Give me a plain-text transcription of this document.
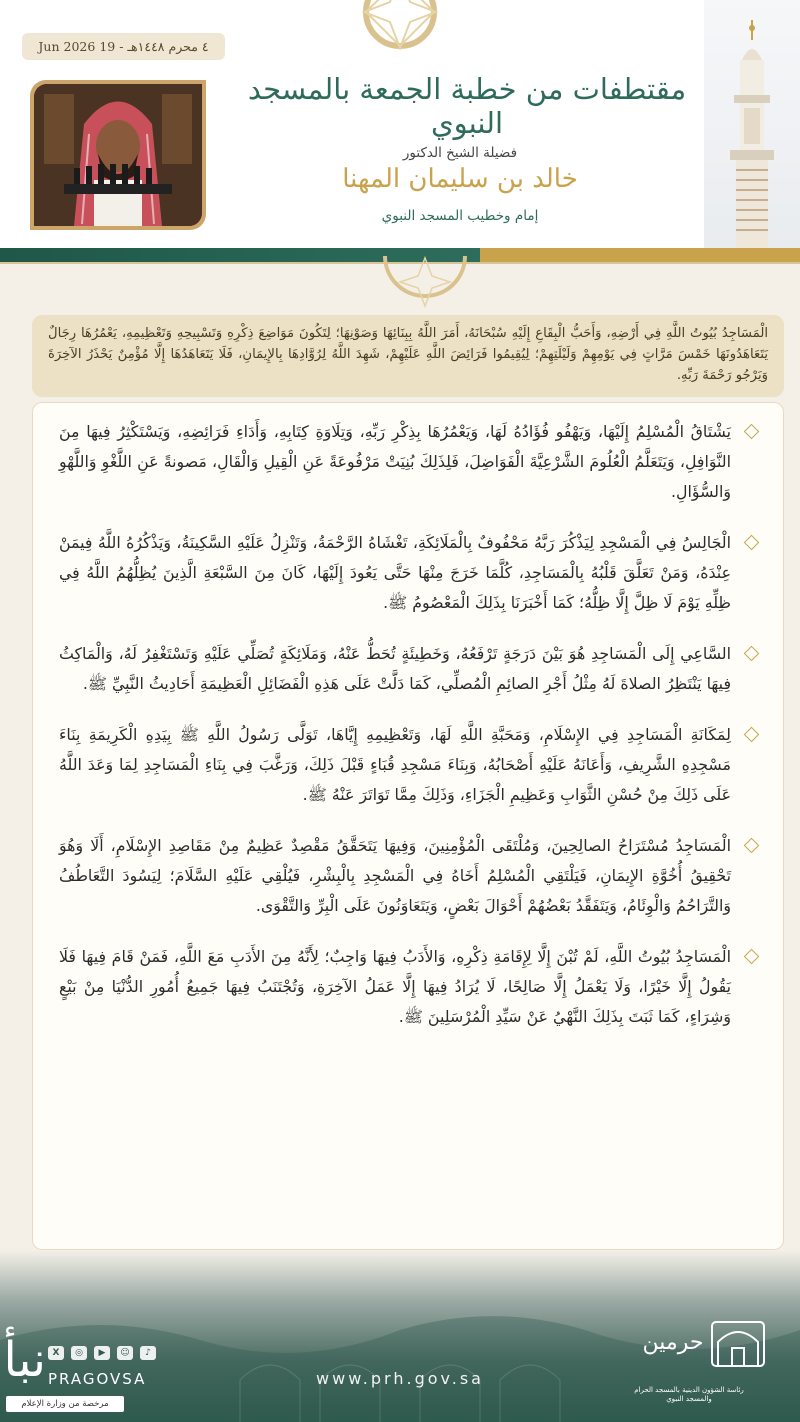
٤ محرم ١٤٤٨هـ - 19 Jun 2026
مقتطفات من خطبة الجمعة بالمسجد النبوي
فضيلة الشيخ الدكتور
خالد بن سليمان المهنا
إمام وخطيب المسجد النبوي
الْمَسَاجِدُ بُيُوتُ اللَّهِ فِي أَرْضِهِ، وَأَحَبُّ الْبِقَاعِ إِلَيْهِ سُبْحَانَهُ، أَمَرَ اللَّهُ بِبِنَائِهَا وَصَوْنِهَا؛ لِتَكُونَ مَوَاضِعَ ذِكْرِهِ وَتَسْبِيحِهِ وَتَعْظِيمِهِ، يَعْمُرُهَا رِجَالٌ يَتَعَاهَدُونَهَا خَمْسَ مَرَّاتٍ فِي يَوْمِهِمْ وَلَيْلَتِهِمْ؛ لِيُقِيمُوا فَرَائِضَ اللَّهِ عَلَيْهِمْ، شَهِدَ اللَّهُ لِرُوَّادِهَا بِالإِيمَانِ، فَلَا يَتَعَاهَدُهَا إِلَّا مُؤْمِنٌ يَحْذَرُ الآخِرَةَ وَيَرْجُو رَحْمَةَ رَبِّهِ.
يَشْتَاقُ الْمُسْلِمُ إِلَيْهَا، وَيَهْفُو فُؤَادُهُ لَهَا، وَيَعْمُرُهَا بِذِكْرِ رَبِّهِ، وَتِلَاوَةِ كِتَابِهِ، وَأَدَاءِ فَرَائِضِهِ، وَيَسْتَكْثِرُ فِيهَا مِنَ النَّوَافِلِ، وَيَتَعَلَّمُ الْعُلُومَ الشَّرْعِيَّةَ الْفَوَاضِلَ، فَلِذَلِكَ بُنِيَتْ مَرْفُوعَةً عَنِ الْقِيلِ وَالْقَالِ، مَصونةً عَنِ اللَّغْوِ وَاللَّهْوِ وَالسُّؤَالِ.
الْجَالِسُ فِي الْمَسْجِدِ لِيَذْكُرَ رَبَّهُ مَحْفُوفٌ بِالْمَلَائِكَةِ، تَغْشَاهُ الرَّحْمَةُ، وَتَنْزِلُ عَلَيْهِ السَّكِينَةُ، وَيَذْكُرُهُ اللَّهُ فِيمَنْ عِنْدَهُ، وَمَنْ تَعَلَّقَ قَلْبُهُ بِالْمَسَاجِدِ، كُلَّمَا خَرَجَ مِنْهَا حَتَّى يَعُودَ إِلَيْهَا، كَانَ مِنَ السَّبْعَةِ الَّذِينَ يُظِلُّهُمُ اللَّهُ فِي ظِلِّهِ يَوْمَ لَا ظِلَّ إِلَّا ظِلُّهُ؛ كَمَا أَخْبَرَنَا بِذَلِكَ الْمَعْصُومُ ﷺ.
السَّاعِي إِلَى الْمَسَاجِدِ هُوَ بَيْنَ دَرَجَةٍ تَرْفَعُهُ، وَخَطِيئَةٍ تُحَطُّ عَنْهُ، وَمَلَائِكَةٍ تُصَلِّي عَلَيْهِ وَتَسْتَغْفِرُ لَهُ، وَالْمَاكِثُ فِيهَا يَنْتَظِرُ الصلاةَ لَهُ مِثْلُ أَجْرِ الصائِمِ الْمُصلِّي، كَمَا دَلَّتْ عَلَى هَذِهِ الْفَضَائِلِ الْعَظِيمَةِ أَحَادِيثُ النَّبِيِّ ﷺ.
لِمَكَانَةِ الْمَسَاجِدِ فِي الإِسْلَامِ، وَمَحَبَّةِ اللَّهِ لَهَا، وَتَعْظِيمِهِ إِيَّاهَا، تَوَلَّى رَسُولُ اللَّهِ ﷺ بِيَدِهِ الْكَرِيمَةِ بِنَاءَ مَسْجِدِهِ الشَّرِيفِ، وَأَعَانَهُ عَلَيْهِ أَصْحَابُهُ، وَبِنَاءَ مَسْجِدِ قُبَاءٍ قَبْلَ ذَلِكَ، وَرَغَّبَ فِي بِنَاءِ الْمَسَاجِدِ لِمَا وَعَدَ اللَّهُ عَلَى ذَلِكَ مِنْ حُسْنِ الثَّوَابِ وَعَظِيمِ الْجَزَاءِ، وَذَلِكَ مِمَّا تَوَاتَرَ عَنْهُ ﷺ.
الْمَسَاجِدُ مُسْتَرَاحُ الصالِحِينَ، وَمُلْتَقَى الْمُؤْمِنِينَ، وَفِيهَا يَتَحَقَّقُ مَقْصِدٌ عَظِيمٌ مِنْ مَقَاصِدِ الإِسْلَامِ، أَلَا وَهُوَ تَحْقِيقُ أُخُوَّةِ الإِيمَانِ، فَيَلْتَقِي الْمُسْلِمُ أَخَاهُ فِي الْمَسْجِدِ بِالْبِشْرِ، فَيُلْقِي عَلَيْهِ السَّلَامَ؛ لِيَسُودَ التَّعَاطُفُ وَالتَّرَاحُمُ وَالْوِئَامُ، وَيَتَفَقَّدُ بَعْضُهُمْ أَحْوَالَ بَعْضٍ، وَيَتَعَاوَنُونَ عَلَى الْبِرِّ وَالتَّقْوَى.
الْمَسَاجِدُ بُيُوتُ اللَّهِ، لَمْ تُبْنَ إِلَّا لِإِقَامَةِ ذِكْرِهِ، وَالأَدَبُ فِيهَا وَاجِبٌ؛ لِأَنَّهُ مِنَ الأَدَبِ مَعَ اللَّهِ، فَمَنْ قَامَ فِيهَا فَلَا يَقُولُ إِلَّا خَيْرًا، وَلَا يَعْمَلُ إِلَّا صَالِحًا، لَا يُرَادُ فِيهَا إِلَّا عَمَلُ الآخِرَةِ، وَتُجْتَنَبُ فِيهَا جَمِيعُ أُمُورِ الدُّنْيَا مِنْ بَيْعٍ وَشِرَاءٍ، كَمَا ثَبَتَ بِذَلِكَ النَّهْيُ عَنْ سَيِّدِ الْمُرْسَلِينَ ﷺ.
نبأ X	◎	▶	☺	♪
PRAGOVSA
مرخصة من وزارة الإعلام
www.prh.gov.sa
حرمين
رئاسة الشؤون الدينية بالمسجد الحرام والمسجد النبوي
